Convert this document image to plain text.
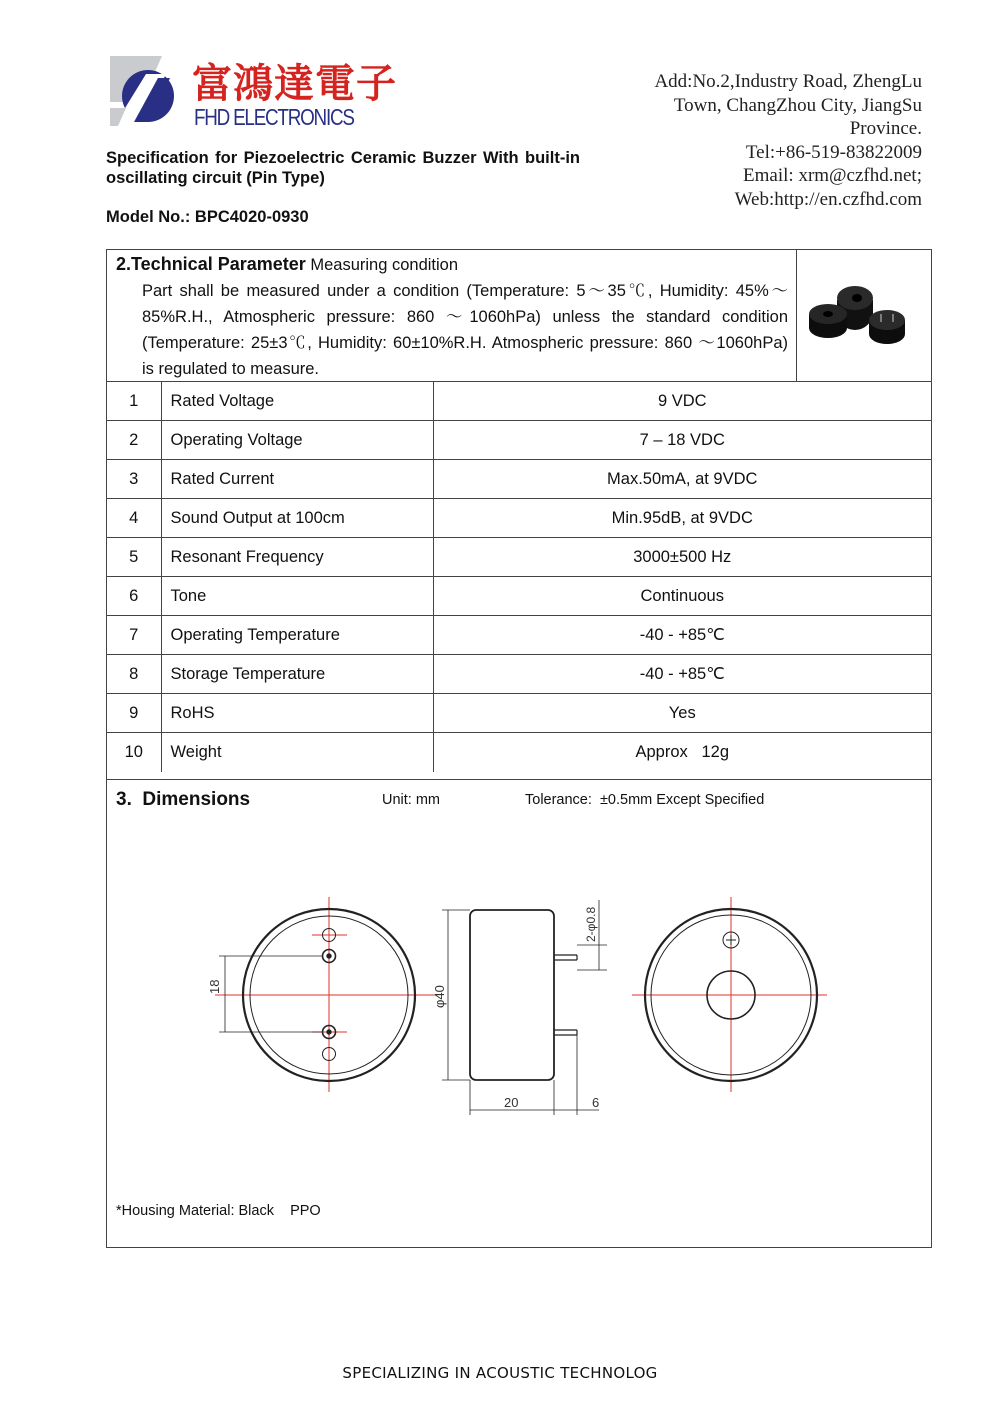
富鴻達電子
FHD ELECTRONICS
Add:No.2,Industry Road, ZhengLu
Town, ChangZhou City, JiangSu
Province.
Tel:+86-519-83822009
Email: xrm@czfhd.net;
Web:http://en.czfhd.com
Specification for Piezoelectric Ceramic Buzzer With built-in oscillating circuit (Pin Type)
Model No.: BPC4020-0930
2.Technical Parameter Measuring condition
Part shall be measured under a condition (Temperature: 5～35℃, Humidity: 45%～85%R.H., Atmospheric pressure: 860 ～1060hPa) unless the standard condition (Temperature: 25±3℃, Humidity: 60±10%R.H. Atmospheric pressure: 860 ～1060hPa) is regulated to measure.
1	Rated Voltage	9 VDC
2	Operating Voltage	7 – 18 VDC
3	Rated Current	Max.50mA, at 9VDC
4	Sound Output at 100cm	Min.95dB, at 9VDC
5	Resonant Frequency	3000±500 Hz
6	Tone	Continuous
7	Operating Temperature	-40 - +85℃
8	Storage Temperature	-40 - +85℃
9	RoHS	Yes
10	Weight	Approx   12g
3.  Dimensions	Unit: mm	Tolerance:  ±0.5mm Except Specified
18	φ40
2-φ0.8
20	6
*Housing Material: Black    PPO
SPECIALIZING IN ACOUSTIC TECHNOLOG
